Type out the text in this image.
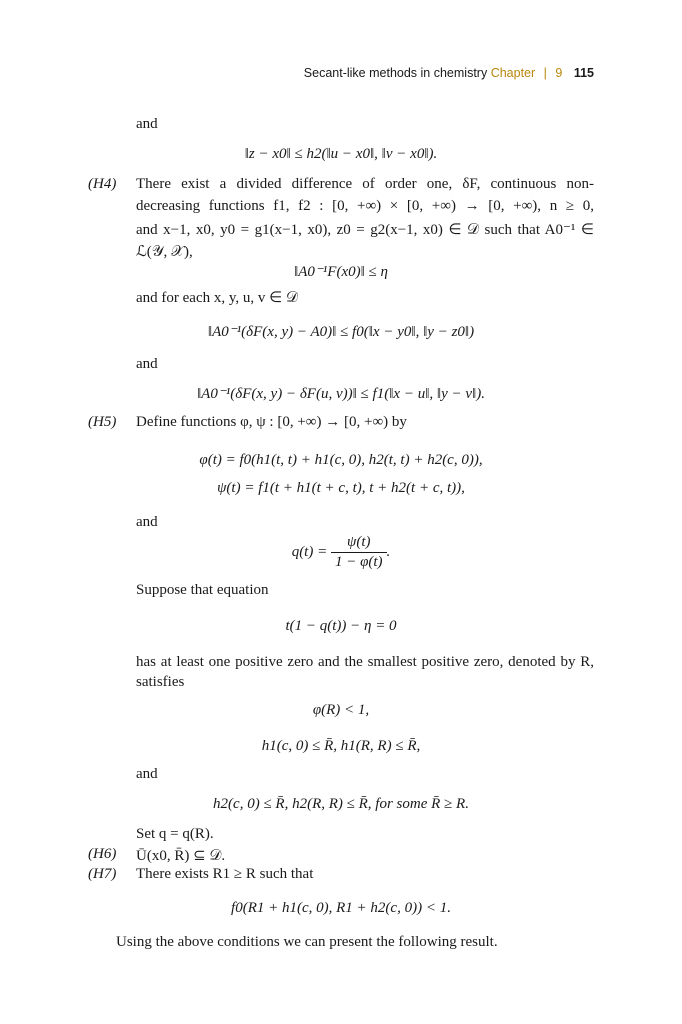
Secant-like methods in chemistry Chapter | 9 115
and
‖z − x0‖ ≤ h2(‖u − x0‖, ‖v − x0‖).
(H4) There exist a divided difference of order one, δF, continuous non-
decreasing functions f1, f2 : [0, +∞) × [0, +∞) → [0, +∞), n ≥ 0,
and x−1, x0, y0 = g1(x−1, x0), z0 = g2(x−1, x0) ∈ 𝒟 such that A0⁻¹ ∈
ℒ(𝒴, 𝒳),
‖A0⁻¹F(x0)‖ ≤ η
and for each x, y, u, v ∈ 𝒟
‖A0⁻¹(δF(x, y) − A0)‖ ≤ f0(‖x − y0‖, ‖y − z0‖)
and
‖A0⁻¹(δF(x, y) − δF(u, v))‖ ≤ f1(‖x − u‖, ‖y − v‖).
(H5) Define functions φ, ψ : [0, +∞) → [0, +∞) by
φ(t) = f0(h1(t, t) + h1(c, 0), h2(t, t) + h2(c, 0)),
ψ(t) = f1(t + h1(t + c, t), t + h2(t + c, t)),
and
$q(t) = \frac{\psi(t)}{1 - \varphi(t)}$ .
Suppose that equation
t(1 − q(t)) − η = 0
has at least one positive zero and the smallest positive zero, denoted by R,
satisfies
φ(R) < 1,
h1(c, 0) ≤ R̄, h1(R, R) ≤ R̄,
and
h2(c, 0) ≤ R̄, h2(R, R) ≤ R̄, for some R̄ ≥ R.
Set q = q(R).
(H6) Ū(x0, R̄) ⊆ 𝒟.
(H7) There exists R1 ≥ R such that
f0(R1 + h1(c, 0), R1 + h2(c, 0)) < 1.
Using the above conditions we can present the following result.
